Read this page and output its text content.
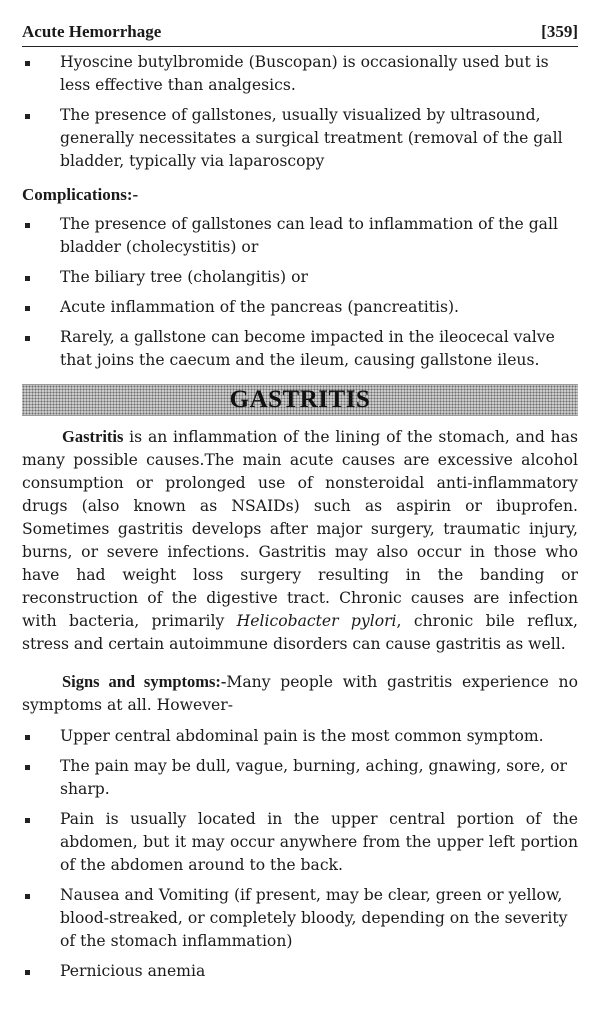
Acute Hemorrhage	[359]
Hyoscine butylbromide (Buscopan) is occasionally used but is less effective than analgesics.
The presence of gallstones, usually visualized by ultrasound, generally necessitates a surgical treatment (removal of the gall bladder, typically via laparoscopy
Complications:-
The presence of gallstones can lead to inflammation of the gall bladder (cholecystitis) or
The biliary tree (cholangitis) or
Acute inflammation of the pancreas (pancreatitis).
Rarely, a gallstone can become impacted in the ileocecal valve that joins the caecum and the ileum, causing gallstone ileus.
GASTRITIS
Gastritis is an inflammation of the lining of the stomach, and has many possible causes.The main acute causes are excessive alcohol consumption or prolonged use of nonsteroidal anti-inflammatory drugs (also known as NSAIDs) such as aspirin or ibuprofen. Sometimes gastritis develops after major surgery, traumatic injury, burns, or severe infections. Gastritis may also occur in those who have had weight loss surgery resulting in the banding or reconstruction of the digestive tract. Chronic causes are infection with bacteria, primarily Helicobacter pylori, chronic bile reflux, stress and certain autoimmune disorders can cause gastritis as well.
Signs and symptoms:-Many people with gastritis experience no symptoms at all. However-
Upper central abdominal pain is the most common symptom.
The pain may be dull, vague, burning, aching, gnawing, sore, or sharp.
Pain is usually located in the upper central portion of the abdomen, but it may occur anywhere from the upper left portion of the abdomen around to the back.
Nausea and Vomiting (if present, may be clear, green or yellow, blood-streaked, or completely bloody, depending on the severity of the stomach inflammation)
Pernicious anemia
